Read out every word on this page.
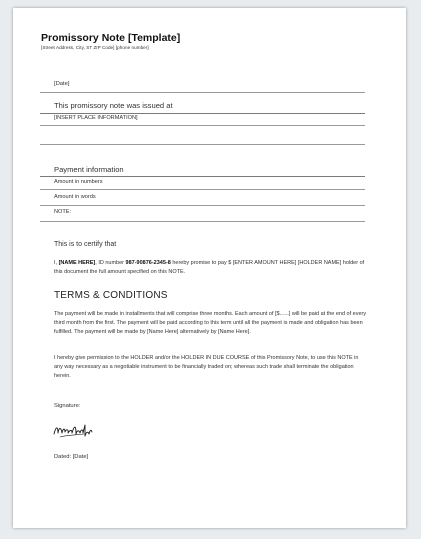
Promissory Note [Template]
[Street Address, City, ST ZIP Code] [phone number]
[Date]
This promissory note was issued at
[INSERT PLACE INFORMATION]
Payment information
Amount in numbers
Amount in words
NOTE:
This is to certify that
I, [NAME HERE], ID number 987-90876-2345-8 hereby promise to pay $ [ENTER AMOUNT HERE] [HOLDER NAME] holder of this document the full amount specified on this NOTE.
TERMS & CONDITIONS
The payment will be made in installments that will comprise three months. Each amount of [$......] will be paid at the end of every third month from the first. The payment will be paid according to this term until all the payment is made and obligation has been fulfilled. The payment will be made by [Name Here] alternatively by [Name Here].
I hereby give permission to the HOLDER and/or the HOLDER IN DUE COURSE of this Promissory Note, to use this NOTE in any way necessary as a negotiable instrument to be financially traded on; whereas such trade shall terminate the obligation herein.
Signature:
Dated: [Date]
